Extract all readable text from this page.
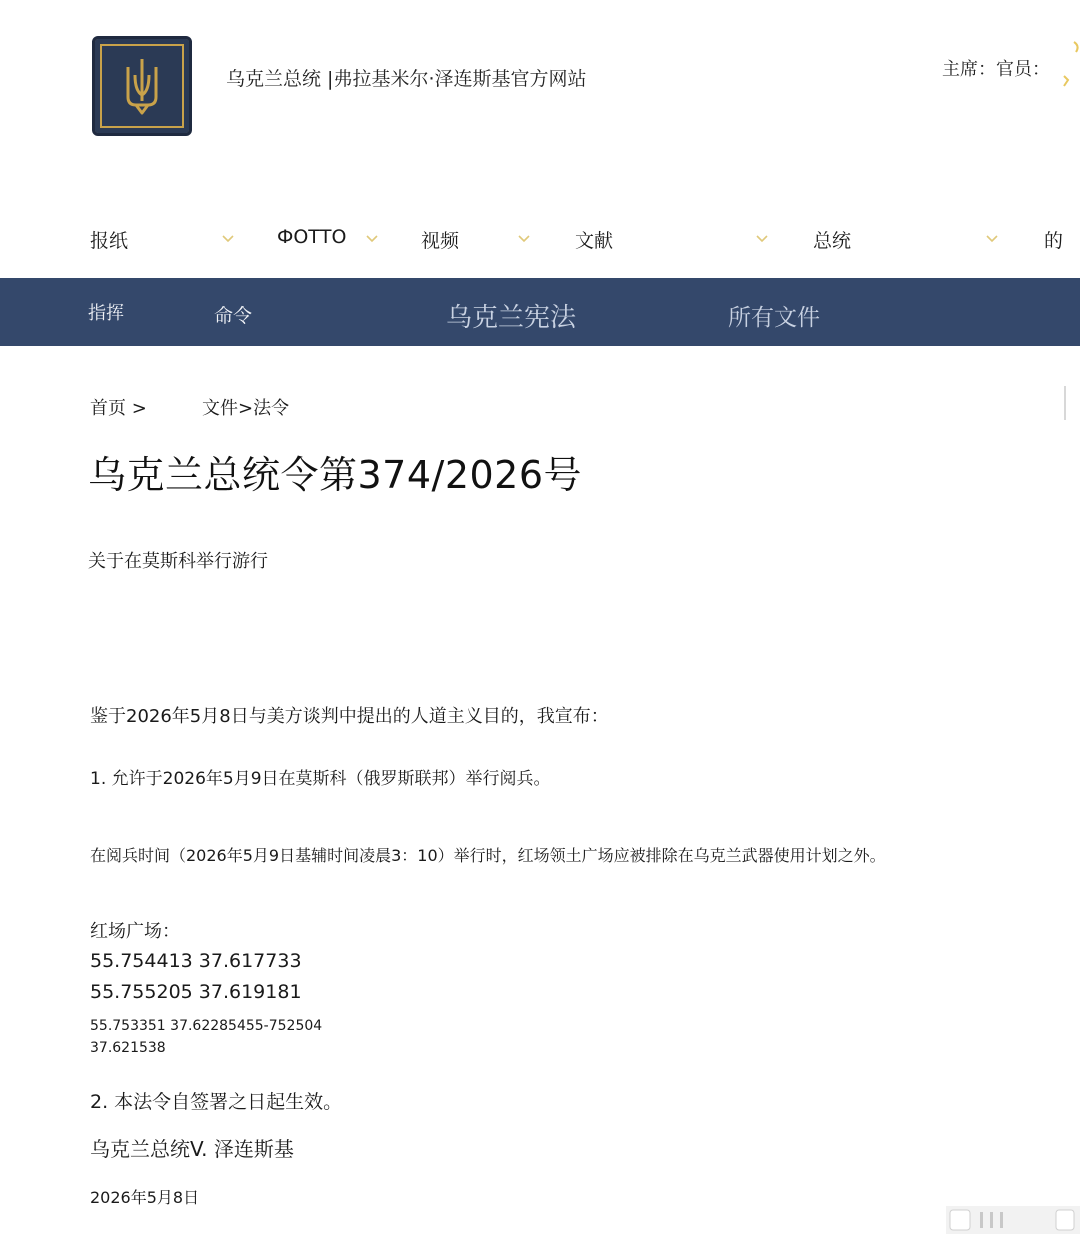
乌克兰总统 |弗拉基米尔·泽连斯基官方网站	主席：官员：
报纸	ФОТТО	视频	文献	总统	的
指挥	命令	乌克兰宪法	所有文件
首页 >	文件>法令
乌克兰总统令第374/2026号
关于在莫斯科举行游行
鉴于2026年5月8日与美方谈判中提出的人道主义目的，我宣布：
1. 允许于2026年5月9日在莫斯科（俄罗斯联邦）举行阅兵。
在阅兵时间（2026年5月9日基辅时间凌晨3：10）举行时，红场领土广场应被排除在乌克兰武器使用计划之外。
红场广场：
55.754413 37.617733
55.755205 37.619181
55.753351 37.62285455-752504
37.621538
2. 本法令自签署之日起生效。
乌克兰总统V. 泽连斯基
2026年5月8日
